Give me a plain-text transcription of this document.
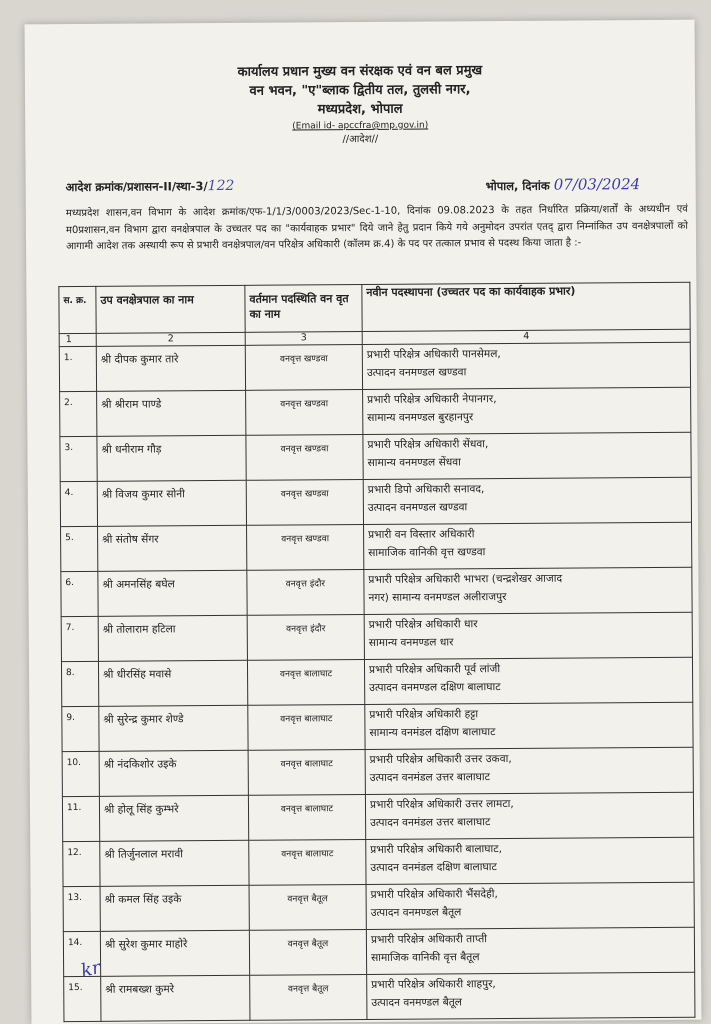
कार्यालय प्रधान मुख्य वन संरक्षक एवं वन बल प्रमुख
वन भवन, "ए"ब्लाक द्वितीय तल, तुलसी नगर,
मध्यप्रदेश, भोपाल
(Email id- apccfra@mp.gov.in)
//आदेश//
आदेश क्रमांक/प्रशासन-II/स्था-3/122	भोपाल, दिनांक 07/03/2024
मध्यप्रदेश शासन,वन विभाग के आदेश क्रमांक/एफ-1/1/3/0003/2023/Sec-1-10, दिनांक 09.08.2023 के तहत निर्धारित प्रक्रिया/शर्तों के अध्यधीन एवं म0प्रशासन,वन विभाग द्वारा वनक्षेत्रपाल के उच्चतर पद का "कार्यवाहक प्रभार" दिये जाने हेतु प्रदान किये गये अनुमोदन उपरांत एतद् द्वारा निम्नांकित उप वनक्षेत्रपालों को आगामी आदेश तक अस्थायी रूप से प्रभारी वनक्षेत्रपाल/वन परिक्षेत्र अधिकारी (कॉलम क्र.4) के पद पर तत्काल प्रभाव से पदस्थ किया जाता है :-
स. क्र.	उप वनक्षेत्रपाल का नाम	वर्तमान पदस्थिति वन वृत का नाम	नवीन पदस्थापना (उच्चतर पद का कार्यवाहक प्रभार)
1	2	3	4
1.	श्री दीपक कुमार तारे	वनवृत्त खण्डवा	प्रभारी परिक्षेत्र अधिकारी पानसेमल,
उत्पादन वनमण्डल खण्डवा

2.	श्री श्रीराम पाण्डे	वनवृत्त खण्डवा	प्रभारी परिक्षेत्र अधिकारी नेपानगर,
सामान्य वनमण्डल बुरहानपुर

3.	श्री धनीराम गौड़	वनवृत्त खण्डवा	प्रभारी परिक्षेत्र अधिकारी सेंधवा,
सामान्य वनमण्डल सेंधवा

4.	श्री विजय कुमार सोनी	वनवृत्त खण्डवा	प्रभारी डिपो अधिकारी सनावद,
उत्पादन वनमण्डल खण्डवा

5.	श्री संतोष सेंगर	वनवृत्त खण्डवा	प्रभारी वन विस्तार अधिकारी
सामाजिक वानिकी वृत्त खण्डवा

6.	श्री अमनसिंह बघेल	वनवृत्त इंदौर	प्रभारी परिक्षेत्र अधिकारी भाभरा (चन्द्रशेखर आजाद
नगर) सामान्य वनमण्डल अलीराजपुर

7.	श्री तोलाराम हटिला	वनवृत्त इंदौर	प्रभारी परिक्षेत्र अधिकारी धार
सामान्य वनमण्डल धार

8.	श्री धीरसिंह मवासे	वनवृत्त बालाघाट	प्रभारी परिक्षेत्र अधिकारी पूर्व लांजी
उत्पादन वनमण्डल दक्षिण बालाघाट

9.	श्री सुरेन्द्र कुमार शेण्डे	वनवृत्त बालाघाट	प्रभारी परिक्षेत्र अधिकारी हट्टा
सामान्य वनमंडल दक्षिण बालाघाट

10.	श्री नंदकिशोर उइके	वनवृत्त बालाघाट	प्रभारी परिक्षेत्र अधिकारी उत्तर उकवा,
उत्पादन वनमंडल उत्तर बालाघाट

11.	श्री होलू सिंह कुम्भरे	वनवृत्त बालाघाट	प्रभारी परिक्षेत्र अधिकारी उत्तर लामटा,
उत्पादन वनमंडल उत्तर बालाघाट

12.	श्री तिर्जुनलाल मरावी	वनवृत्त बालाघाट	प्रभारी परिक्षेत्र अधिकारी बालाघाट,
उत्पादन वनमंडल दक्षिण बालाघाट

13.	श्री कमल सिंह उइके	वनवृत्त बैतूल	प्रभारी परिक्षेत्र अधिकारी भैंसदेही,
उत्पादन वनमण्डल बैतूल

14.	श्री सुरेश कुमार माहोरे	वनवृत्त बैतूल	प्रभारी परिक्षेत्र अधिकारी ताप्ती
सामाजिक वानिकी वृत्त बैतूल

15.	श्री रामबख्श कुमरे	वनवृत्त बैतूल	प्रभारी परिक्षेत्र अधिकारी शाहपुर,
उत्पादन वनमण्डल बैतूल
kr
